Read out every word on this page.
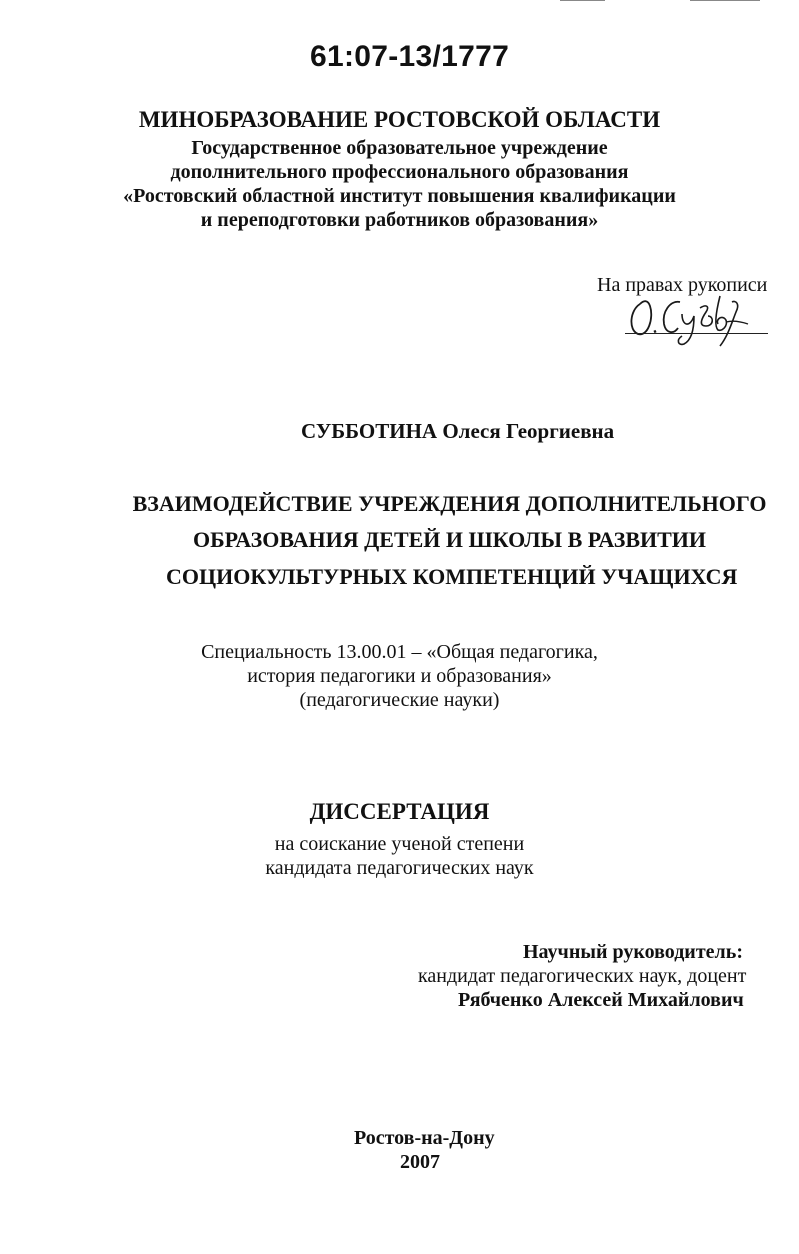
61:07-13/1777
МИНОБРАЗОВАНИЕ РОСТОВСКОЙ ОБЛАСТИ
Государственное образовательное учреждение
дополнительного профессионального образования
«Ростовский областной институт повышения квалификации
и переподготовки работников образования»
На правах рукописи
СУББОТИНА Олеся Георгиевна
ВЗАИМОДЕЙСТВИЕ УЧРЕЖДЕНИЯ ДОПОЛНИТЕЛЬНОГО
ОБРАЗОВАНИЯ ДЕТЕЙ И ШКОЛЫ В РАЗВИТИИ
СОЦИОКУЛЬТУРНЫХ КОМПЕТЕНЦИЙ УЧАЩИХСЯ
Специальность 13.00.01 – «Общая педагогика,
история педагогики и образования»
(педагогические науки)
ДИССЕРТАЦИЯ
на соискание ученой степени
кандидата педагогических наук
Научный руководитель:
кандидат педагогических наук, доцент
Рябченко Алексей Михайлович
Ростов-на-Дону
2007
